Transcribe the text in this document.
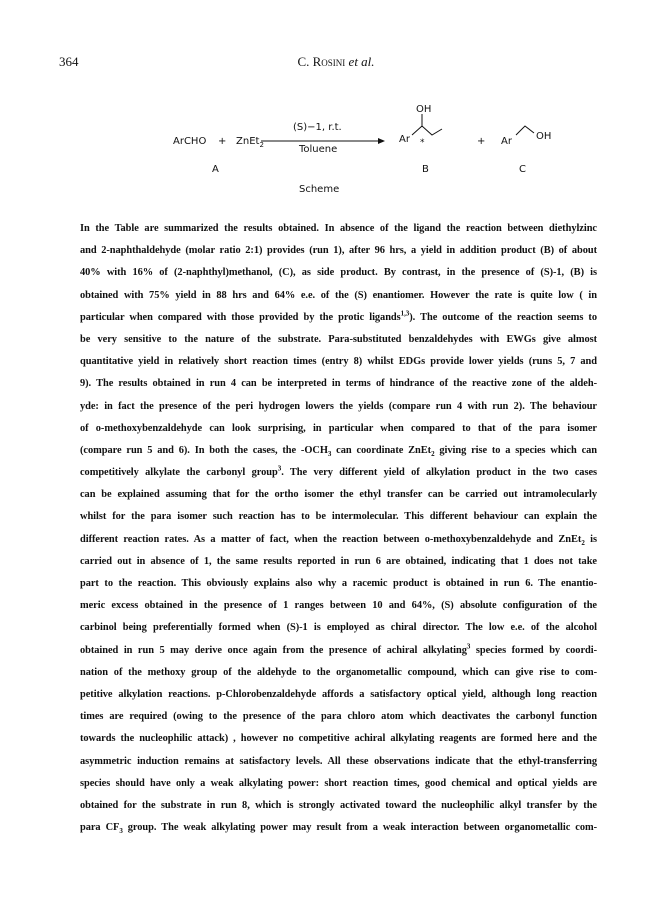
364	C. Rosini et al.
ArCHO + ZnEt$_2$
(S)−1, r.t.
Toluene
OH
Ar *	+ Ar OH
A	B	C
Scheme
In the Table are summarized the results obtained. In absence of the ligand the reaction between diethylzinc
and 2-naphthaldehyde (molar ratio 2:1) provides (run 1), after 96 hrs, a yield in addition product (B) of about
40% with 16% of (2-naphthyl)methanol, (C), as side product. By contrast, in the presence of (S)-1, (B) is
obtained with 75% yield in 88 hrs and 64% e.e. of the (S) enantiomer. However the rate is quite low ( in
particular when compared with those provided by the protic ligands$^{1,3}$). The outcome of the reaction seems to
be very sensitive to the nature of the substrate. Para-substituted benzaldehydes with EWGs give almost
quantitative yield in relatively short reaction times (entry 8) whilst EDGs provide lower yields (runs 5, 7 and
9). The results obtained in run 4 can be interpreted in terms of hindrance of the reactive zone of the aldeh-
yde: in fact the presence of the peri hydrogen lowers the yields (compare run 4 with run 2). The behaviour
of o-methoxybenzaldehyde can look surprising, in particular when compared to that of the para isomer
(compare run 5 and 6). In both the cases, the $-OCH_3$ can coordinate ZnEt$_2$ giving rise to a species which can
competitively alkylate the carbonyl group$^3$. The very different yield of alkylation product in the two cases
can be explained assuming that for the ortho isomer the ethyl transfer can be carried out intramolecularly
whilst for the para isomer such reaction has to be intermolecular. This different behaviour can explain the
different reaction rates. As a matter of fact, when the reaction between o-methoxybenzaldehyde and ZnEt$_2$ is
carried out in absence of 1, the same results reported in run 6 are obtained, indicating that 1 does not take
part to the reaction. This obviously explains also why a racemic product is obtained in run 6. The enantio-
meric excess obtained in the presence of 1 ranges between 10 and 64%, (S) absolute configuration of the
carbinol being preferentially formed when (S)-1 is employed as chiral director. The low e.e. of the alcohol
obtained in run 5 may derive once again from the presence of achiral alkylating$^3$ species formed by coordi-
nation of the methoxy group of the aldehyde to the organometallic compound, which can give rise to com-
petitive alkylation reactions. p-Chlorobenzaldehyde affords a satisfactory optical yield, although long reaction
times are required (owing to the presence of the para chloro atom which deactivates the carbonyl function
towards the nucleophilic attack) , however no competitive achiral alkylating reagents are formed here and the
asymmetric induction remains at satisfactory levels. All these observations indicate that the ethyl-transferring
species should have only a weak alkylating power: short reaction times, good chemical and optical yields are
obtained for the substrate in run 8, which is strongly activated toward the nucleophilic alkyl transfer by the
para $CF_3$ group. The weak alkylating power may result from a weak interaction between organometallic com-
